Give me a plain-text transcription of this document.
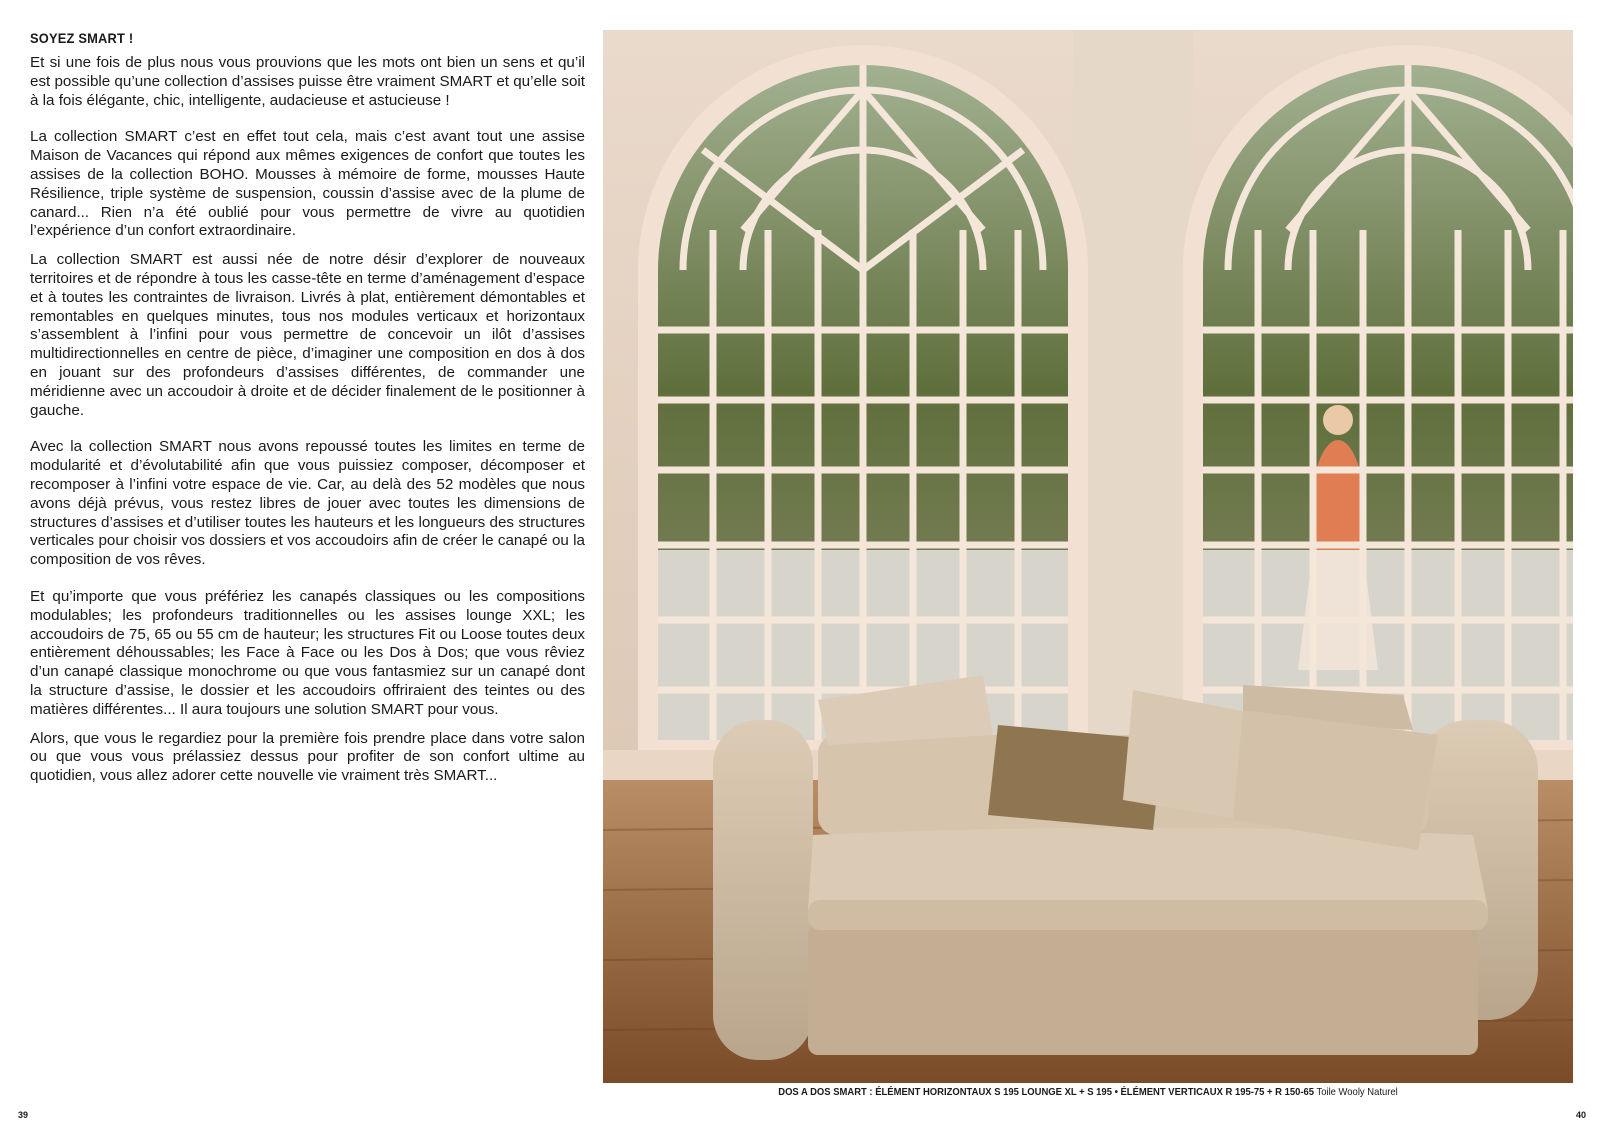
SOYEZ SMART !

Et si une fois de plus nous vous prouvions que les mots ont bien un sens et qu’il est possible qu’une collection d’assises puisse être vraiment SMART et qu’elle soit à la fois élégante, chic, intelligente, audacieuse et astucieuse !

La collection SMART c’est en effet tout cela, mais c’est avant tout une assise Maison de Vacances qui répond aux mêmes exigences de confort que toutes les assises de la collection BOHO. Mousses à mémoire de forme, mousses Haute Résilience, triple système de suspension, coussin d’assise avec de la plume de canard... Rien n’a été oublié pour vous permettre de vivre au quotidien l’expérience d’un confort extraordinaire.

La collection SMART est aussi née de notre désir d’explorer de nouveaux territoires et de répondre à tous les casse-tête en terme d’aménagement d’espace et à toutes les contraintes de livraison. Livrés à plat, entièrement démontables et remontables en quelques minutes, tous nos modules verticaux et horizontaux s’assemblent à l’infini pour vous permettre de concevoir un ilôt d’assises multidirectionnelles en centre de pièce, d’imaginer une composition en dos à dos en jouant sur des profondeurs d’assises différentes, de commander une méridienne avec un accoudoir à droite et de décider finalement de le positionner à gauche.

Avec la collection SMART nous avons repoussé toutes les limites en terme de modularité et d’évolutabilité afin que vous puissiez composer, décomposer et recomposer à l’infini votre espace de vie. Car, au delà des 52 modèles que nous avons déjà prévus, vous restez libres de jouer avec toutes les dimensions de structures d’assises et d’utiliser toutes les hauteurs et les longueurs des structures verticales pour choisir vos dossiers et vos accoudoirs afin de créer le canapé ou la composition de vos rêves.

Et qu’importe que vous préfériez les canapés classiques ou les compositions modulables; les profondeurs traditionnelles ou les assises lounge XXL; les accoudoirs de 75, 65 ou 55 cm de hauteur; les structures Fit ou Loose toutes deux entièrement déhoussables; les Face à Face ou les Dos à Dos; que vous rêviez d’un canapé classique monochrome ou que vous fantasmiez sur un canapé dont la structure d’assise, le dossier et les accoudoirs offriraient des teintes ou des matières différentes... Il aura toujours une solution SMART pour vous.

Alors, que vous le regardiez pour la première fois prendre place dans votre salon ou que vous vous prélassiez dessus pour profiter de son confort ultime au quotidien, vous allez adorer cette nouvelle vie vraiment très SMART...

DOS A DOS SMART : ÉLÉMENT HORIZONTAUX S 195 LOUNGE XL + S 195 • ÉLÉMENT VERTICAUX R 195-75 + R 150-65 Toile Wooly Naturel
39	40
